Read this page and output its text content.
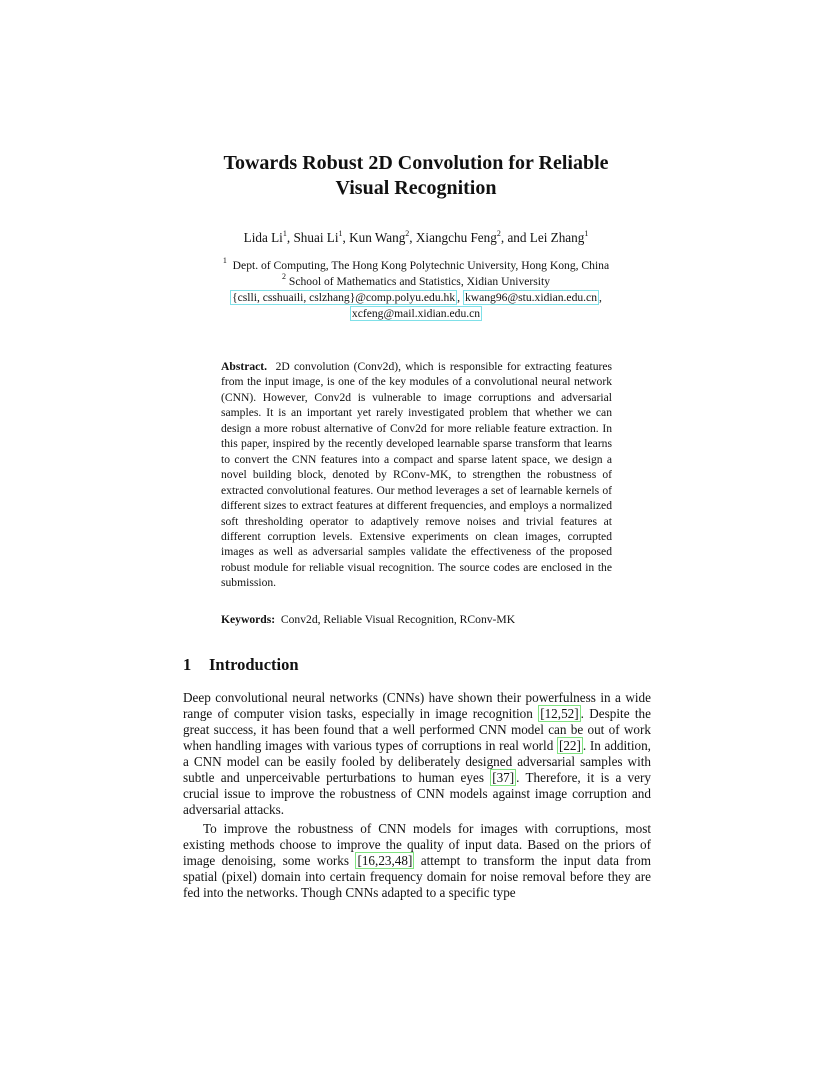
Towards Robust 2D Convolution for Reliable
Visual Recognition
Lida Li$^1$, Shuai Li$^1$, Kun Wang$^2$, Xiangchu Feng$^2$, and Lei Zhang$^1$
$^1$ Dept. of Computing, The Hong Kong Polytechnic University, Hong Kong, China
$^2$ School of Mathematics and Statistics, Xidian University
{cslli, csshuaili, cslzhang}@comp.polyu.edu.hk , kwang96@stu.xidian.edu.cn ,
xcfeng@mail.xidian.edu.cn
Abstract. 2D convolution (Conv2d), which is responsible for extracting features from the input image, is one of the key modules of a convolutional neural network (CNN). However, Conv2d is vulnerable to image corruptions and adversarial samples. It is an important yet rarely investigated problem that whether we can design a more robust alternative of Conv2d for more reliable feature extraction. In this paper, inspired by the recently developed learnable sparse transform that learns to convert the CNN features into a compact and sparse latent space, we design a novel building block, denoted by RConv-MK, to strengthen the robustness of extracted convolutional features. Our method leverages a set of learnable kernels of different sizes to extract features at different frequencies, and employs a normalized soft thresholding operator to adaptively remove noises and trivial features at different corruption levels. Extensive experiments on clean images, corrupted images as well as adversarial samples validate the effectiveness of the proposed robust module for reliable visual recognition. The source codes are enclosed in the submission.
Keywords: Conv2d, Reliable Visual Recognition, RConv-MK
1 Introduction
Deep convolutional neural networks (CNNs) have shown their powerfulness in a wide range of computer vision tasks, especially in image recognition [12,52] . Despite the great success, it has been found that a well performed CNN model can be out of work when handling images with various types of corruptions in real world [22] . In addition, a CNN model can be easily fooled by deliberately designed adversarial samples with subtle and unperceivable perturbations to human eyes [37] . Therefore, it is a very crucial issue to improve the robustness of CNN models against image corruption and adversarial attacks.
To improve the robustness of CNN models for images with corruptions, most existing methods choose to improve the quality of input data. Based on the priors of image denoising, some works [16,23,48] attempt to transform the input data from spatial (pixel) domain into certain frequency domain for noise removal before they are fed into the networks. Though CNNs adapted to a specific type
